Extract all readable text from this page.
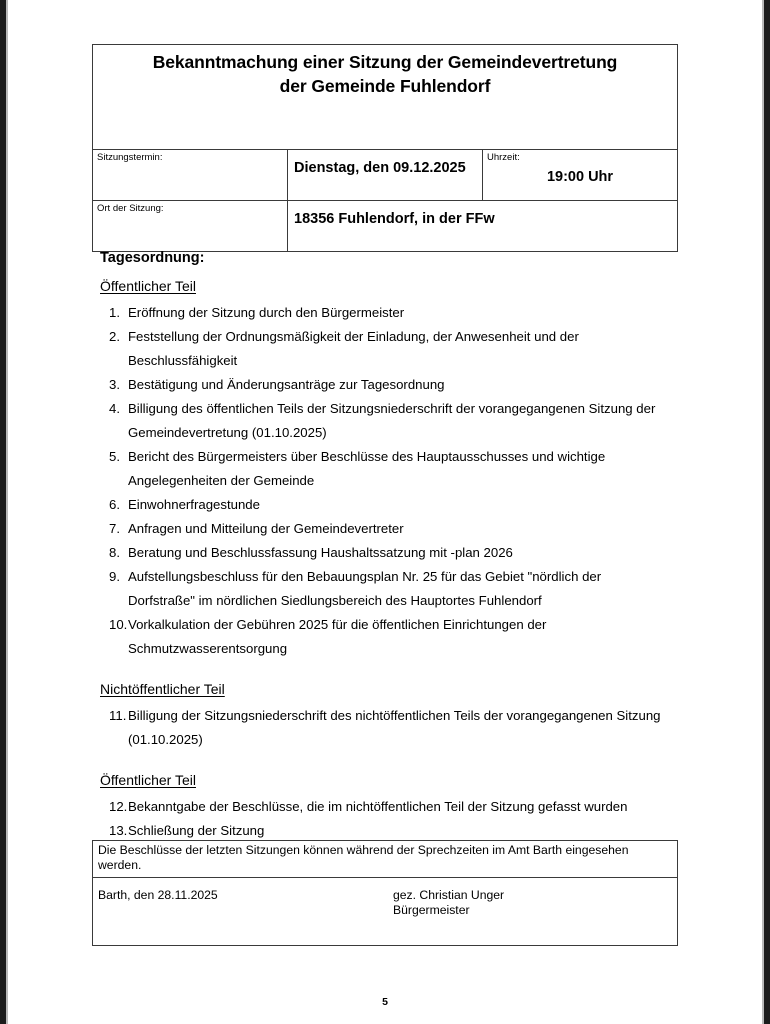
Bekanntmachung einer Sitzung der Gemeindevertretung
der Gemeinde Fuhlendorf		

Sitzungstermin:	Dienstag, den 09.12.2025	Uhrzeit:
19:00 Uhr

Ort der Sitzung:	18356 Fuhlendorf, in der FFw	
Tagesordnung:
Öffentlicher Teil
1. Eröffnung der Sitzung durch den Bürgermeister
2. Feststellung der Ordnungsmäßigkeit der Einladung, der Anwesenheit und der Beschlussfähigkeit
3. Bestätigung und Änderungsanträge zur Tagesordnung
4. Billigung des öffentlichen Teils der Sitzungsniederschrift der vorangegangenen Sitzung der Gemeindevertretung (01.10.2025)
5. Bericht des Bürgermeisters über Beschlüsse des Hauptausschusses und wichtige Angelegenheiten der Gemeinde
6. Einwohnerfragestunde
7. Anfragen und Mitteilung der Gemeindevertreter
8. Beratung und Beschlussfassung Haushaltssatzung mit -plan 2026
9. Aufstellungsbeschluss für den Bebauungsplan Nr. 25 für das Gebiet "nördlich der Dorfstraße" im nördlichen Siedlungsbereich des Hauptortes Fuhlendorf
10. Vorkalkulation der Gebühren 2025 für die öffentlichen Einrichtungen der Schmutzwasserentsorgung
Nichtöffentlicher Teil
11. Billigung der Sitzungsniederschrift des nichtöffentlichen Teils der vorangegangenen Sitzung (01.10.2025)
Öffentlicher Teil
12. Bekanntgabe der Beschlüsse, die im nichtöffentlichen Teil der Sitzung gefasst wurden
13. Schließung der Sitzung
Die Beschlüsse der letzten Sitzungen können während der Sprechzeiten im Amt Barth eingesehen werden.

Barth, den 28.11.2025	gez. Christian Unger
Bürgermeister
5
